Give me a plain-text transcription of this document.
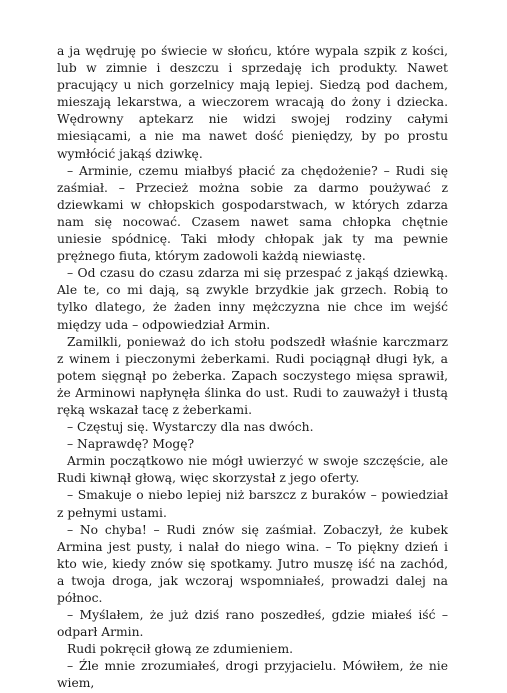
a ja wędruję po świecie w słońcu, które wypala szpik z kości, lub w zimnie i deszczu i sprzedaję ich produkty. Nawet pracujący u nich gorzelnicy mają lepiej. Siedzą pod dachem, mieszają lekarstwa, a wieczorem wracają do żony i dziecka. Wędrowny aptekarz nie widzi swojej rodziny całymi miesiącami, a nie ma nawet dość pieniędzy, by po prostu wymłócić jakąś dziwkę.

– Arminie, czemu miałbyś płacić za chędożenie? – Rudi się zaśmiał. – Przecież można sobie za darmo poużywać z dziewkami w chłopskich gospodarstwach, w których zdarza nam się nocować. Czasem nawet sama chłopka chętnie uniesie spódnicę. Taki młody chłopak jak ty ma pewnie prężnego fiuta, którym zadowoli każdą niewiastę.

– Od czasu do czasu zdarza mi się przespać z jakąś dziewką. Ale te, co mi dają, są zwykle brzydkie jak grzech. Robią to tylko dlatego, że żaden inny mężczyzna nie chce im wejść między uda – odpowiedział Armin.

Zamilkli, ponieważ do ich stołu podszedł właśnie karczmarz z winem i pieczonymi żeberkami. Rudi pociągnął długi łyk, a potem sięgnął po żeberka. Zapach soczystego mięsa sprawił, że Arminowi napłynęła ślinka do ust. Rudi to zauważył i tłustą ręką wskazał tacę z żeberkami.

– Częstuj się. Wystarczy dla nas dwóch.

– Naprawdę? Mogę?

Armin początkowo nie mógł uwierzyć w swoje szczęście, ale Rudi kiwnął głową, więc skorzystał z jego oferty.

– Smakuje o niebo lepiej niż barszcz z buraków – powiedział z pełnymi ustami.

– No chyba! – Rudi znów się zaśmiał. Zobaczył, że kubek Armina jest pusty, i nalał do niego wina. – To piękny dzień i kto wie, kiedy znów się spotkamy. Jutro muszę iść na zachód, a twoja droga, jak wczoraj wspomniałeś, prowadzi dalej na północ.

– Myślałem, że już dziś rano poszedłeś, gdzie miałeś iść – odparł Armin.

Rudi pokręcił głową ze zdumieniem.

– Źle mnie zrozumiałeś, drogi przyjacielu. Mówiłem, że nie wiem,
